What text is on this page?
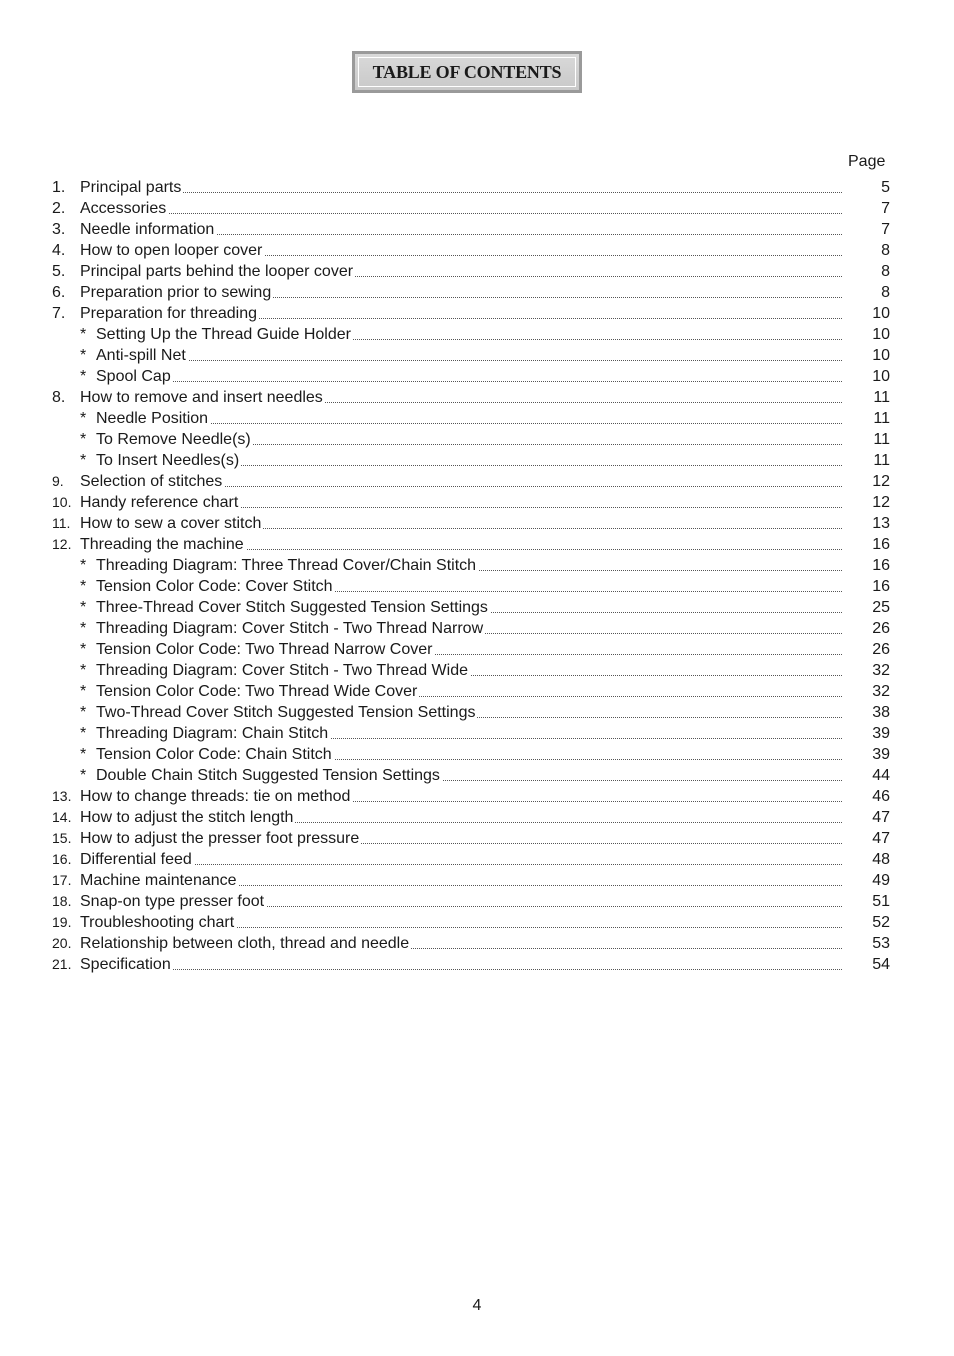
TABLE OF CONTENTS
Page
1. Principal parts	5
2. Accessories	7
3. Needle information	7
4. How to open looper cover	8
5. Principal parts behind the looper cover	8
6. Preparation prior to sewing	8
7. Preparation for threading	10
* Setting Up the Thread Guide Holder	10
* Anti-spill Net	10
* Spool Cap	10
8. How to remove and insert needles	11
* Needle Position	11
* To Remove Needle(s)	11
* To Insert Needles(s)	11
9. Selection of stitches	12
10. Handy reference chart	12
11. How to sew a cover stitch	13
12. Threading the machine	16
* Threading Diagram: Three Thread Cover/Chain Stitch	16
* Tension Color Code: Cover Stitch	16
* Three-Thread Cover Stitch Suggested Tension Settings	25
* Threading Diagram: Cover Stitch - Two Thread Narrow	26
* Tension Color Code: Two Thread Narrow Cover	26
* Threading Diagram: Cover Stitch - Two Thread Wide	32
* Tension Color Code: Two Thread Wide Cover	32
* Two-Thread Cover Stitch Suggested Tension Settings	38
* Threading Diagram: Chain Stitch	39
* Tension Color Code: Chain Stitch	39
* Double Chain Stitch Suggested Tension Settings	44
13. How to change threads: tie on method	46
14. How to adjust the stitch length	47
15. How to adjust the presser foot pressure	47
16. Differential feed	48
17. Machine maintenance	49
18. Snap-on type presser foot	51
19. Troubleshooting chart	52
20. Relationship between cloth, thread and needle	53
21. Specification	54
4
